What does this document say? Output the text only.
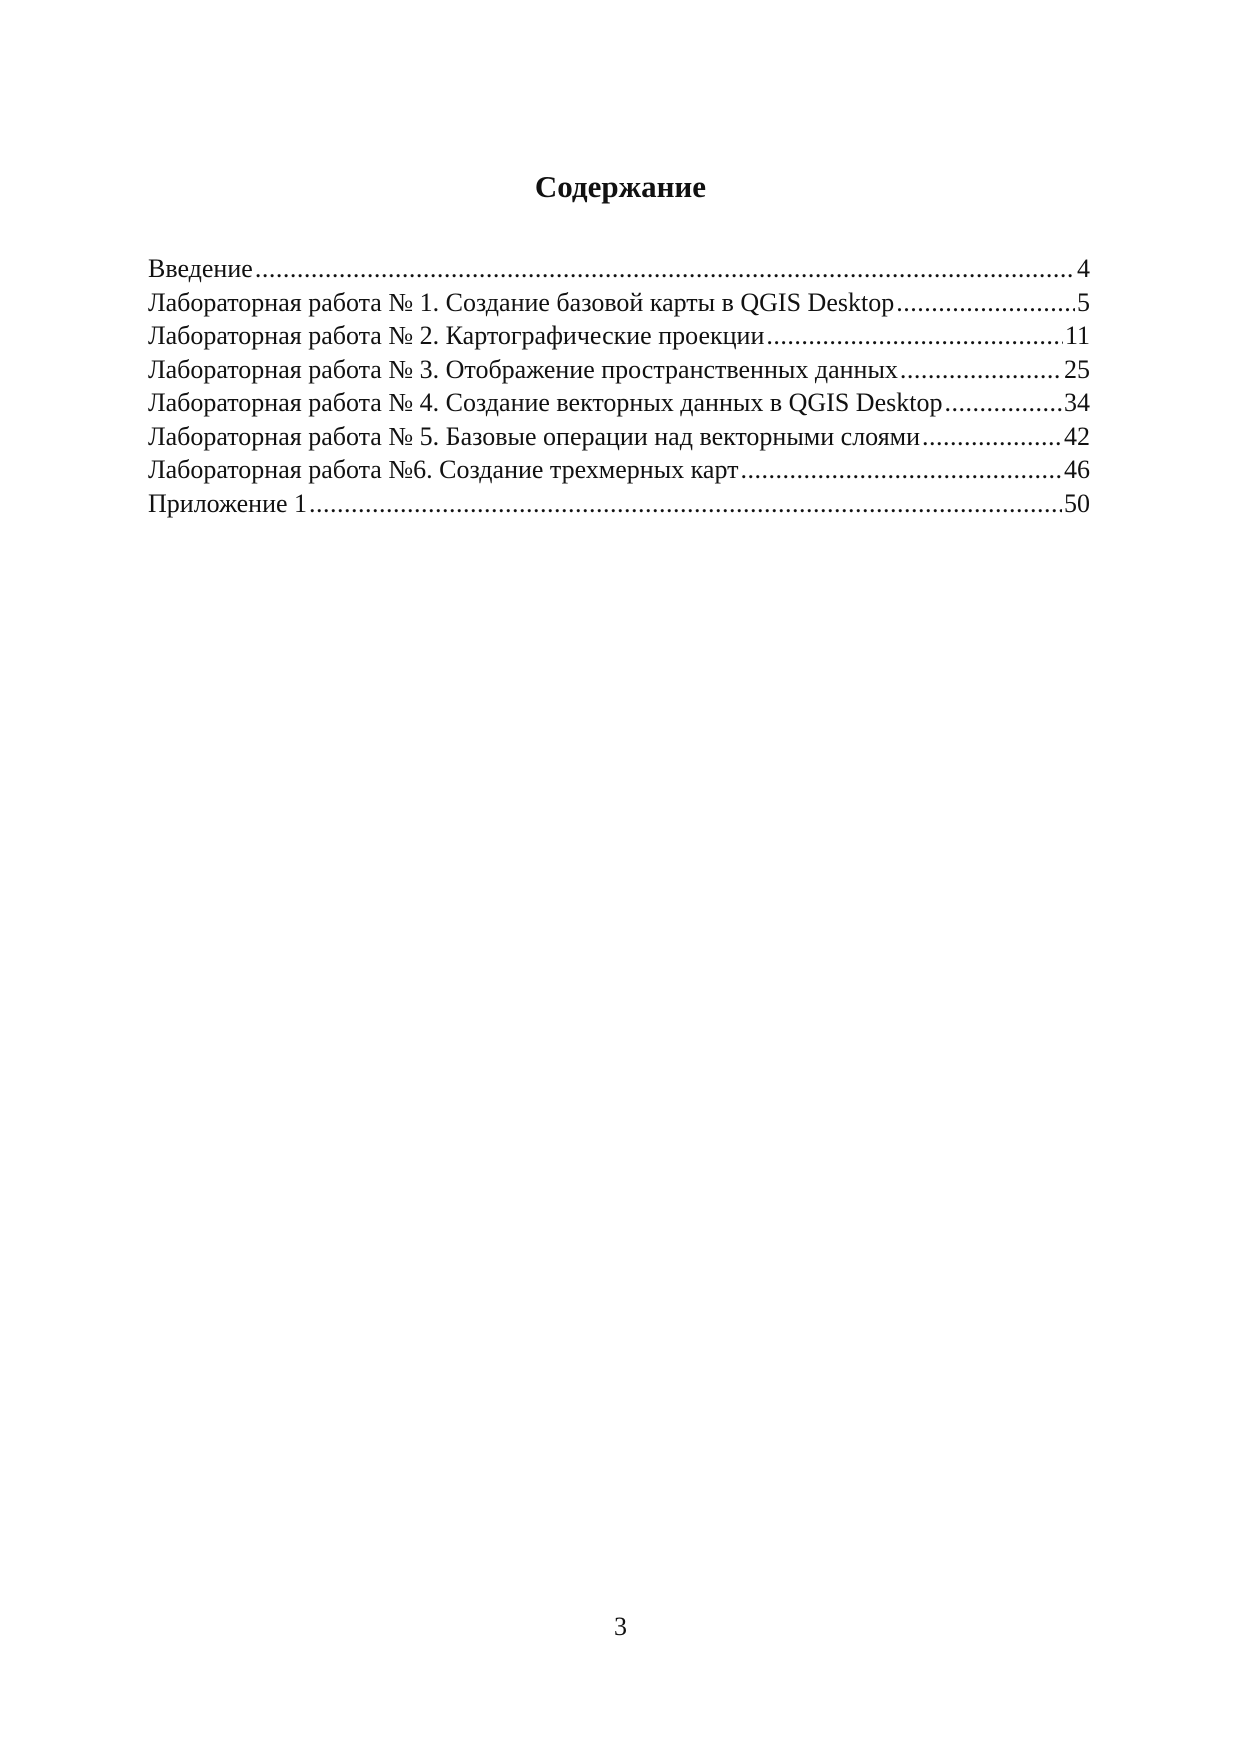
Содержание
Введение .....	4
Лабораторная работа № 1. Создание базовой карты в QGIS Desktop .....	5
Лабораторная работа № 2. Картографические проекции .....	11
Лабораторная работа № 3. Отображение пространственных данных .....	25
Лабораторная работа № 4. Создание векторных данных в QGIS Desktop .....	34
Лабораторная работа № 5. Базовые операции над векторными слоями .....	42
Лабораторная работа №6. Создание трехмерных карт .....	46
Приложение 1 .....	50
3
